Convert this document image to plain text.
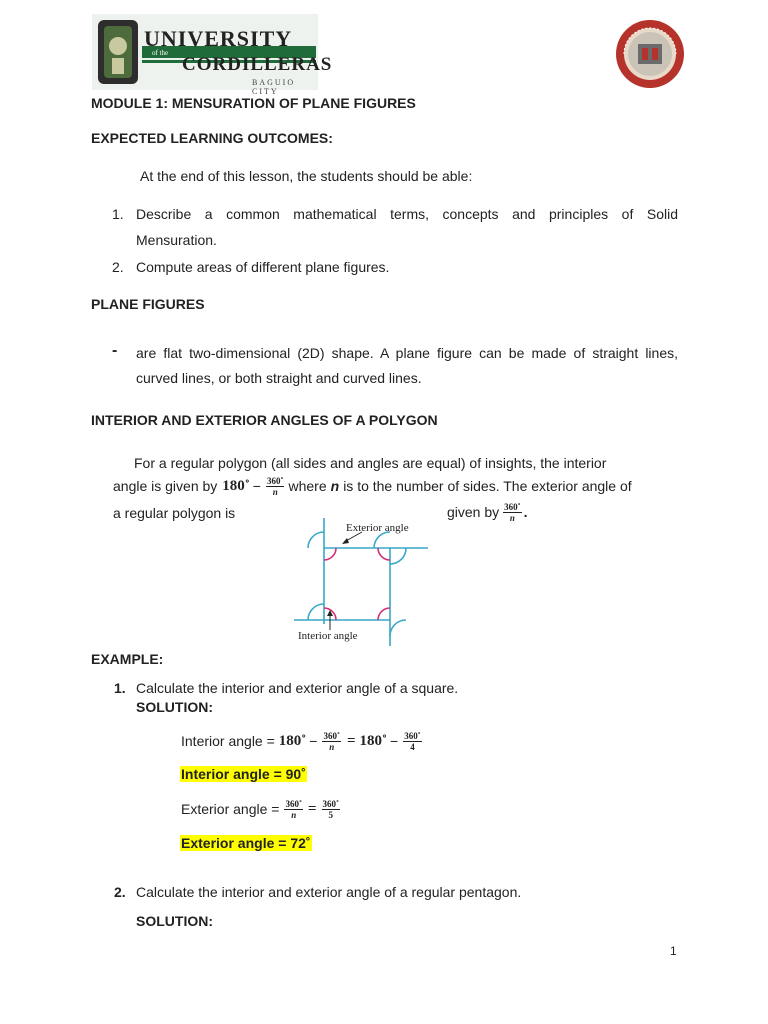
UNIVERSITY
of the
CORDILLERAS
BAGUIO CITY
MODULE 1: MENSURATION OF PLANE FIGURES
EXPECTED LEARNING OUTCOMES:
At the end of this lesson, the students should be able:
1. Describe a common mathematical terms, concepts and principles of Solid
Mensuration.
2. Compute areas of different plane figures.
PLANE FIGURES
- are flat two-dimensional (2D) shape. A plane figure can be made of straight lines,
curved lines, or both straight and curved lines.
INTERIOR AND EXTERIOR ANGLES OF A POLYGON
For a regular polygon (all sides and angles are equal) of insights, the interior
angle is given by 180˚ − $\frac{360˚}{n}$ where n is to the number of sides. The exterior angle of
a regular polygon is	given by $\frac{360˚}{n}$ .
Exterior angle
Interior angle
EXAMPLE:
1. Calculate the interior and exterior angle of a square.
SOLUTION:
Interior angle = 180˚ − $\frac{360˚}{n}$ = 180˚ − $\frac{360˚}{4}$
Interior angle = 90˚
Exterior angle = $\frac{360˚}{n} = \frac{360˚}{5}$
Exterior angle = 72˚
2. Calculate the interior and exterior angle of a regular pentagon.
SOLUTION:
1
